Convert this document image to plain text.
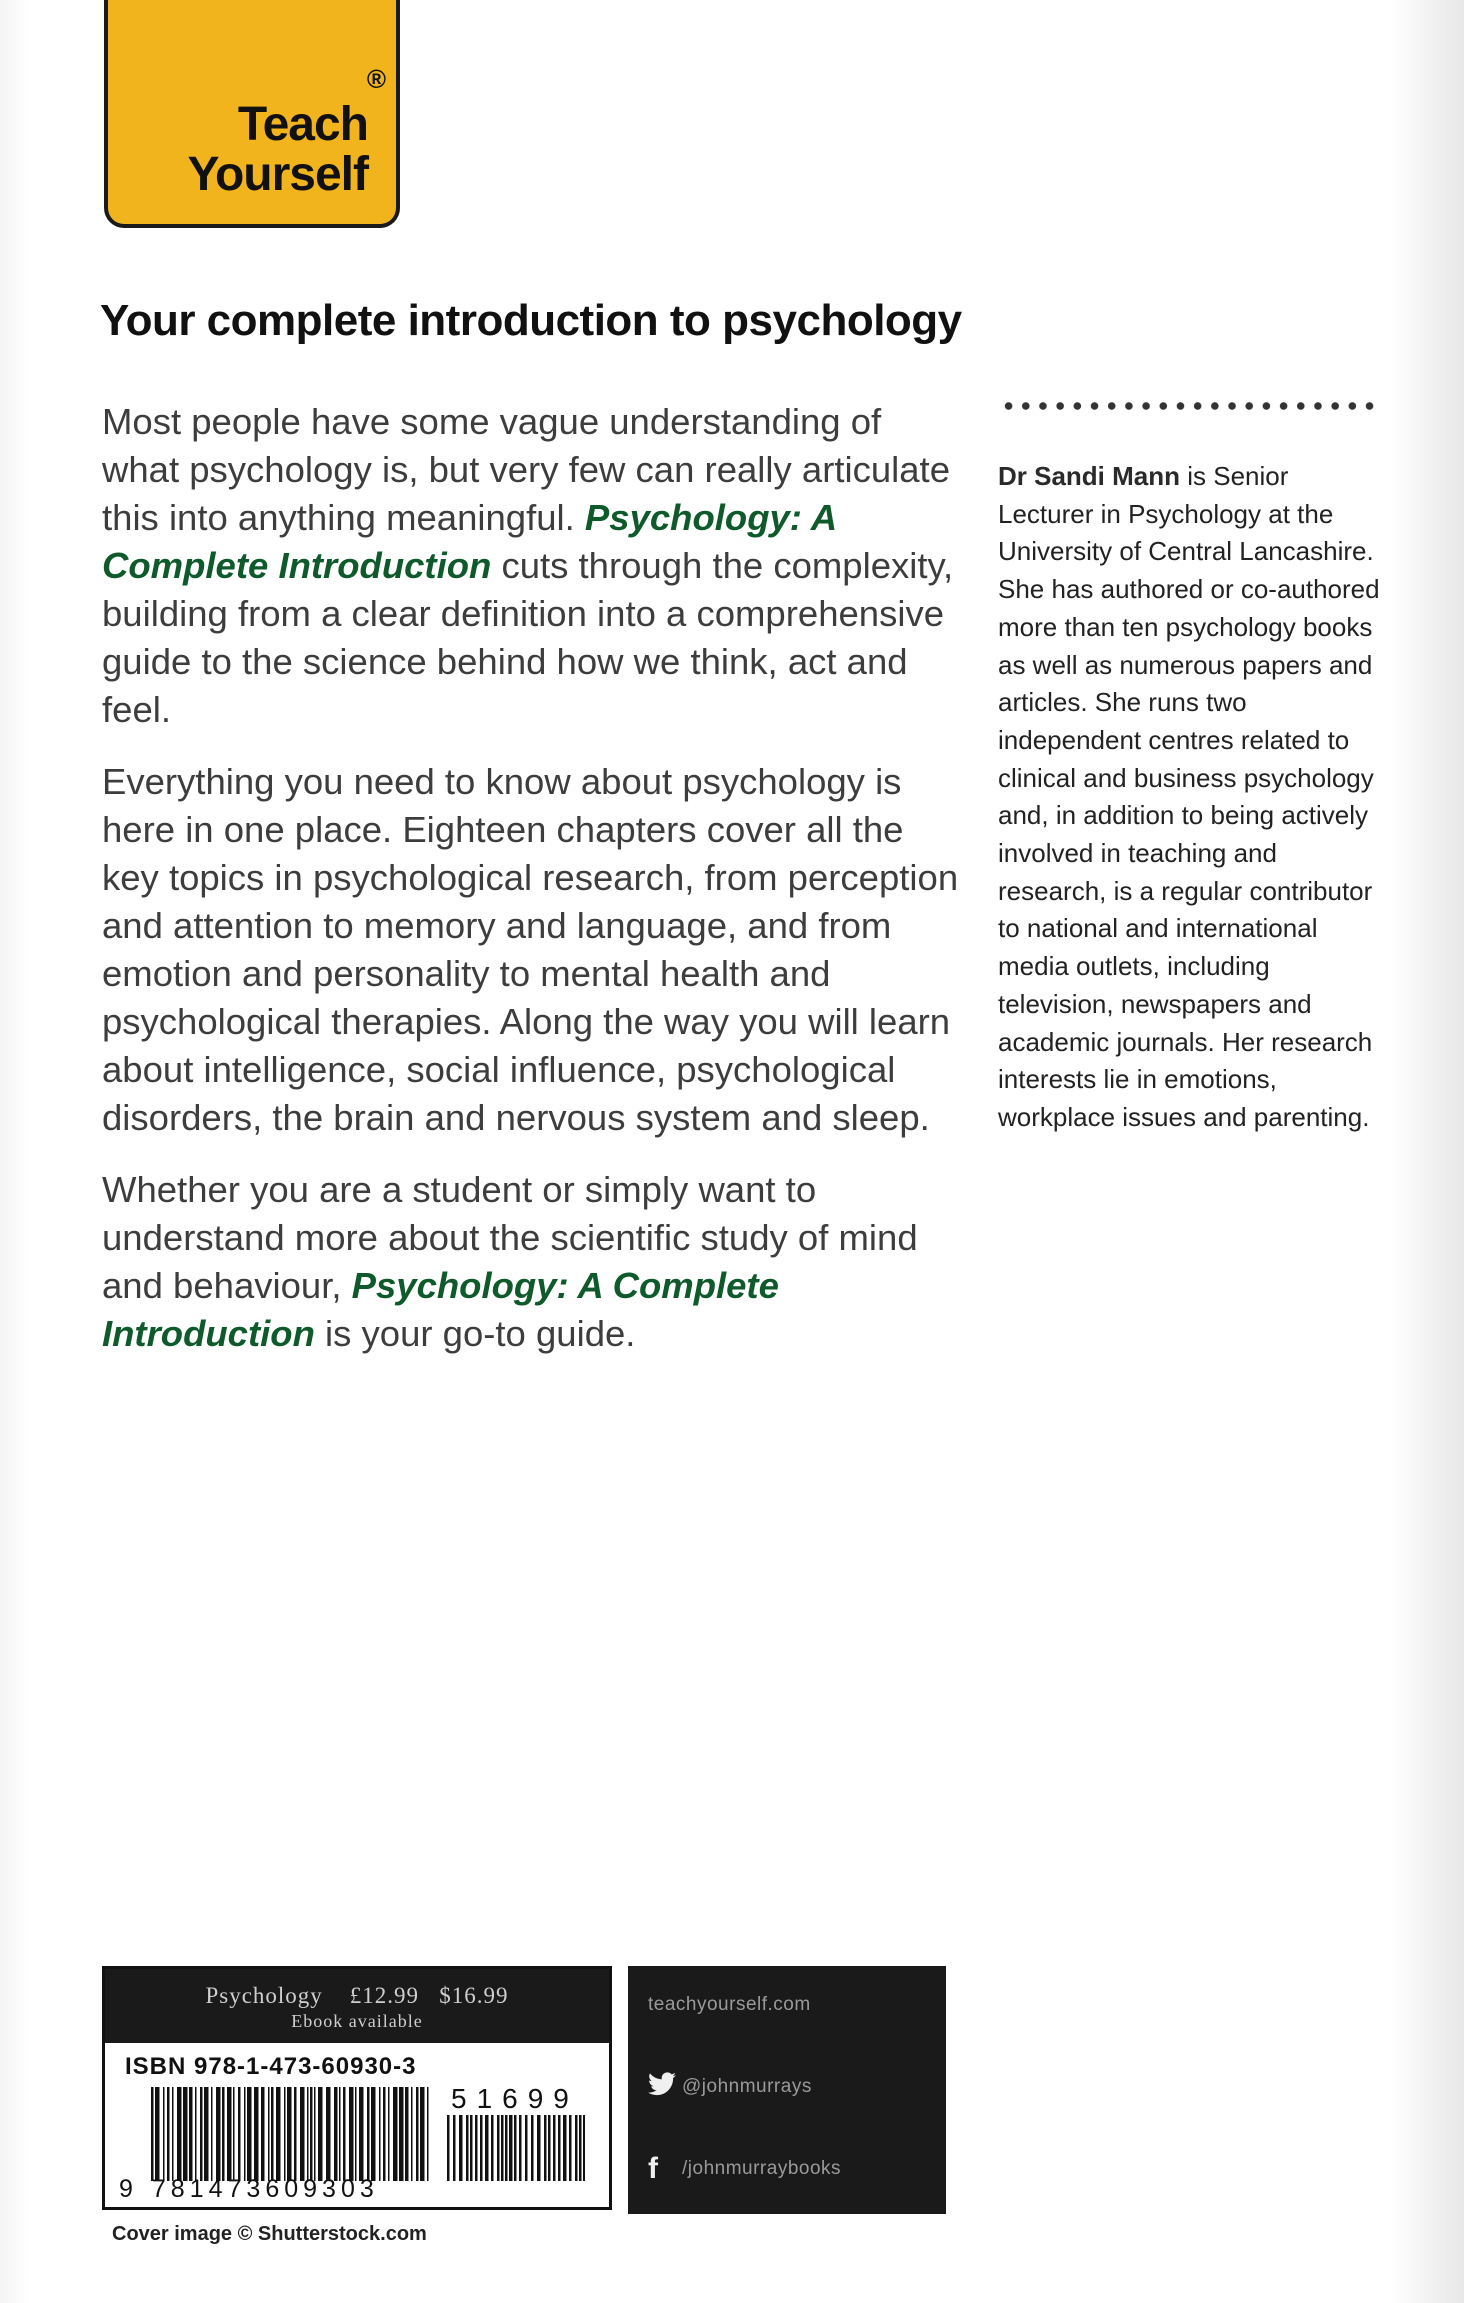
®
Teach
Yourself
Your complete introduction to psychology

Most people have some vague understanding of what psychology is, but very few can really articulate this into anything meaningful. Psychology: A Complete Introduction cuts through the complexity, building from a clear definition into a comprehensive guide to the science behind how we think, act and feel.

Everything you need to know about psychology is here in one place. Eighteen chapters cover all the key topics in psychological research, from perception and attention to memory and language, and from emotion and personality to mental health and psychological therapies. Along the way you will learn about intelligence, social influence, psychological disorders, the brain and nervous system and sleep.

Whether you are a student or simply want to understand more about the scientific study of mind and behaviour, Psychology: A Complete Introduction is your go-to guide.

Dr Sandi Mann is Senior Lecturer in Psychology at the University of Central Lancashire. She has authored or co-authored more than ten psychology books as well as numerous papers and articles. She runs two independent centres related to clinical and business psychology and, in addition to being actively involved in teaching and research, is a regular contributor to national and international media outlets, including television, newspapers and academic journals. Her research interests lie in emotions, workplace issues and parenting.

Psychology £12.99 $16.99
Ebook available
ISBN 978-1-473-60930-3
51699
9 781473609303
Cover image © Shutterstock.com
teachyourself.com
@johnmurrays
f	/johnmurraybooks
